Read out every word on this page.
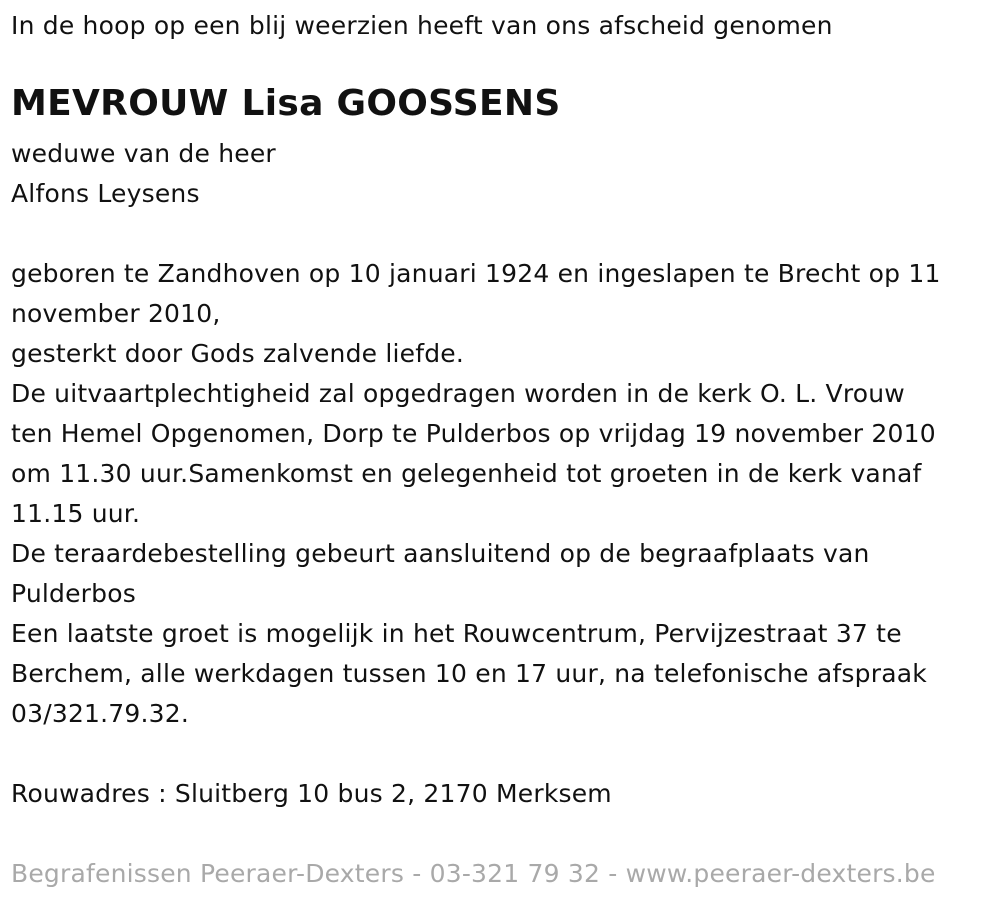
In de hoop op een blij weerzien heeft van ons afscheid genomen
MEVROUW Lisa GOOSSENS
weduwe van de heer
Alfons Leysens

geboren te Zandhoven op 10 januari 1924 en ingeslapen te Brecht op 11

november 2010,

gesterkt door Gods zalvende liefde.

De uitvaartplechtigheid zal opgedragen worden in de kerk O. L. Vrouw

ten Hemel Opgenomen, Dorp te Pulderbos op vrijdag 19 november 2010

om 11.30 uur.Samenkomst en gelegenheid tot groeten in de kerk vanaf

11.15 uur.

De teraardebestelling gebeurt aansluitend op de begraafplaats van

Pulderbos

Een laatste groet is mogelijk in het Rouwcentrum, Pervijzestraat 37 te

Berchem, alle werkdagen tussen 10 en 17 uur, na telefonische afspraak

03/321.79.32.

Rouwadres : Sluitberg 10 bus 2, 2170 Merksem
Begrafenissen Peeraer-Dexters - 03-321 79 32 - www.peeraer-dexters.be
